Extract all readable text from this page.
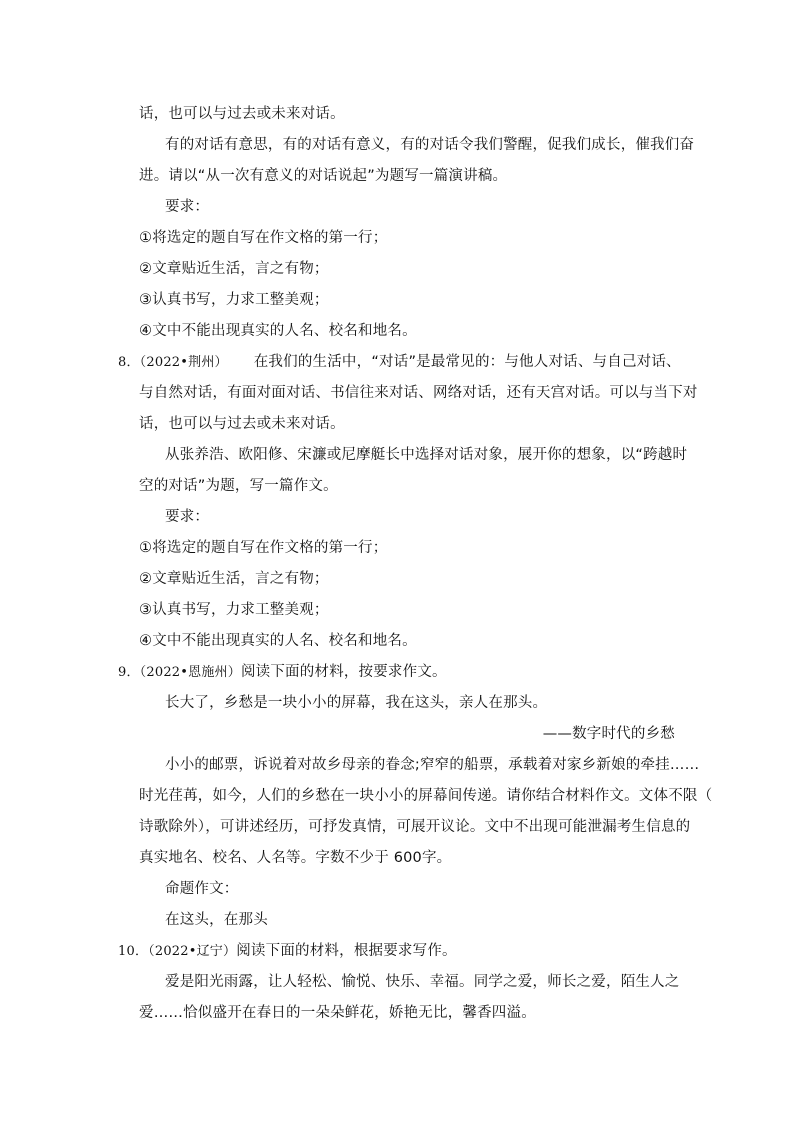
话，也可以与过去或未来对话。
有的对话有意思，有的对话有意义，有的对话令我们警醒，促我们成长，催我们奋
进。请以“从一次有意义的对话说起”为题写一篇演讲稿。
要求：
①将选定的题自写在作文格的第一行；
②文章贴近生活，言之有物；
③认真书写，力求工整美观；
④文中不能出现真实的人名、校名和地名。
8．（2022•荆州） 在我们的生活中，“对话”是最常见的：与他人对话、与自己对话、
与自然对话，有面对面对话、书信往来对话、网络对话，还有天宫对话。可以与当下对
话，也可以与过去或未来对话。
从张养浩、欧阳修、宋濂或尼摩艇长中选择对话对象，展开你的想象，以“跨越时
空的对话”为题，写一篇作文。
要求：
①将选定的题自写在作文格的第一行；
②文章贴近生活，言之有物；
③认真书写，力求工整美观；
④文中不能出现真实的人名、校名和地名。
9．（2022•恩施州）阅读下面的材料，按要求作文。
长大了，乡愁是一块小小的屏幕，我在这头，亲人在那头。
——数字时代的乡愁
小小的邮票，诉说着对故乡母亲的眷念;窄窄的船票，承载着对家乡新娘的牵挂……
时光荏苒，如今，人们的乡愁在一块小小的屏幕间传递。请你结合材料作文。文体不限（
诗歌除外），可讲述经历，可抒发真情，可展开议论。文中不出现可能泄漏考生信息的
真实地名、校名、人名等。字数不少于 600字。
命题作文：
在这头，在那头
10．（2022•辽宁）阅读下面的材料，根据要求写作。
爱是阳光雨露，让人轻松、愉悦、快乐、幸福。同学之爱，师长之爱，陌生人之
爱……恰似盛开在春日的一朵朵鲜花，娇艳无比，馨香四溢。
